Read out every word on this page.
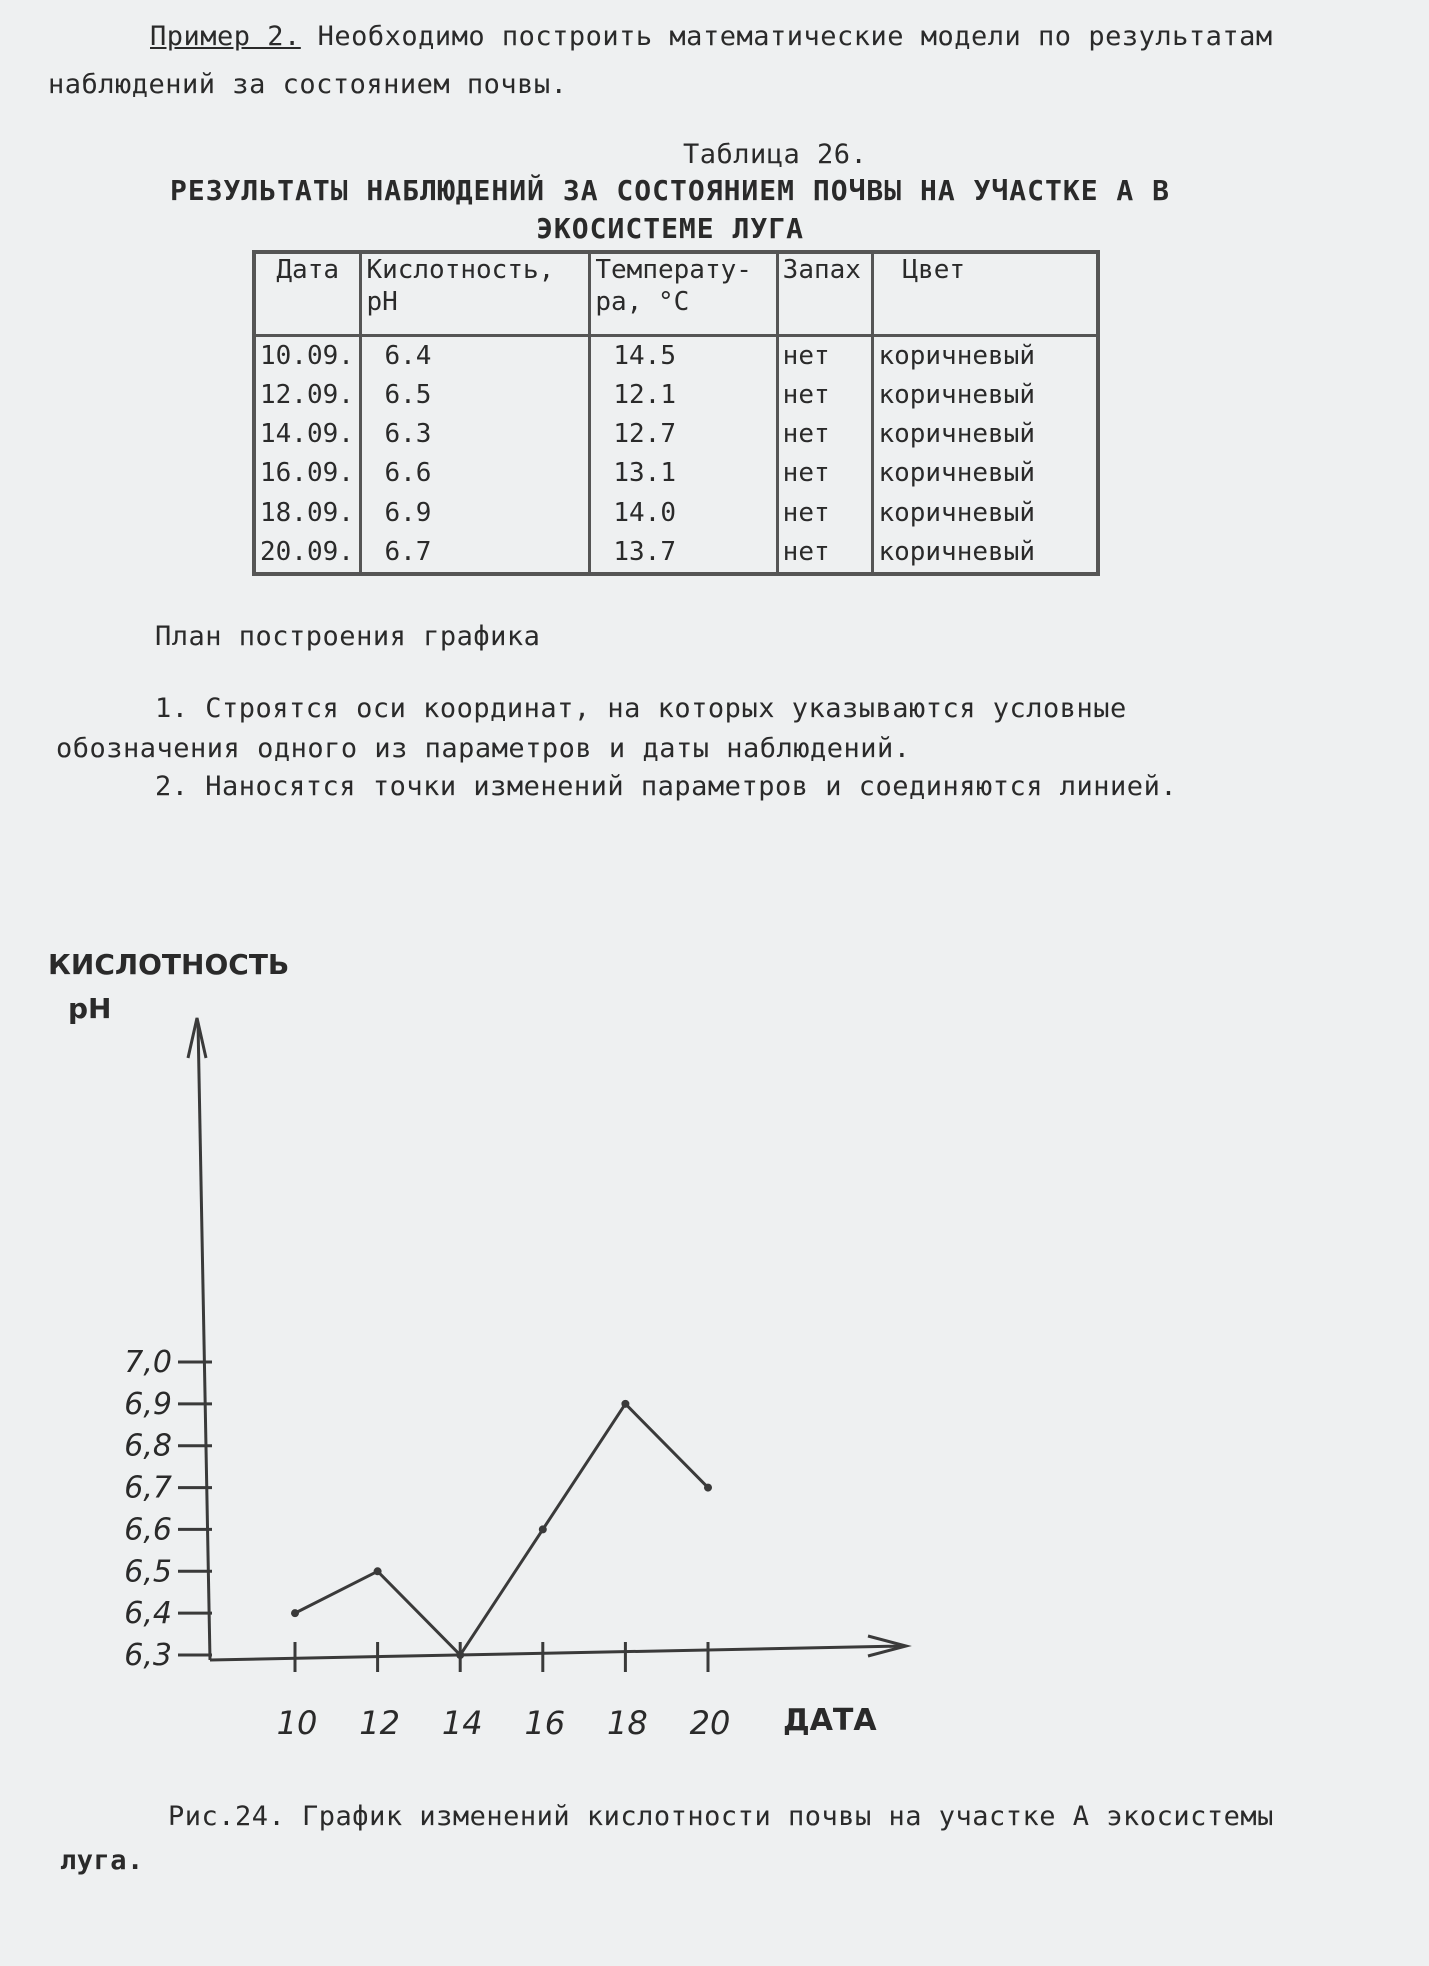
Пример 2. Необходимо построить математические модели по результатам
наблюдений за состоянием почвы.
Таблица 26.
РЕЗУЛЬТАТЫ НАБЛЮДЕНИЙ ЗА СОСТОЯНИЕМ ПОЧВЫ НА УЧАСТКЕ А В
ЭКОСИСТЕМЕ ЛУГА
Дата	Кислотность, pH	Температу-ра, °C	Запах	Цвет
10.09.	6.4	14.5	нет	коричневый
12.09.	6.5	12.1	нет	коричневый
14.09.	6.3	12.7	нет	коричневый
16.09.	6.6	13.1	нет	коричневый
18.09.	6.9	14.0	нет	коричневый
20.09.	6.7	13.7	нет	коричневый
План построения графика
1. Строятся оси координат, на которых указываются условные
обозначения одного из параметров и даты наблюдений.
2. Наносятся точки изменений параметров и соединяются линией.
КИСЛОТНОСТЬ
pH
6,3
6,4
6,5
6,6
6,7
6,8
6,9
7,0
10 12 14 16 18 20 ДАТА
Рис.24. График изменений кислотности почвы на участке А экосистемы
луга.
